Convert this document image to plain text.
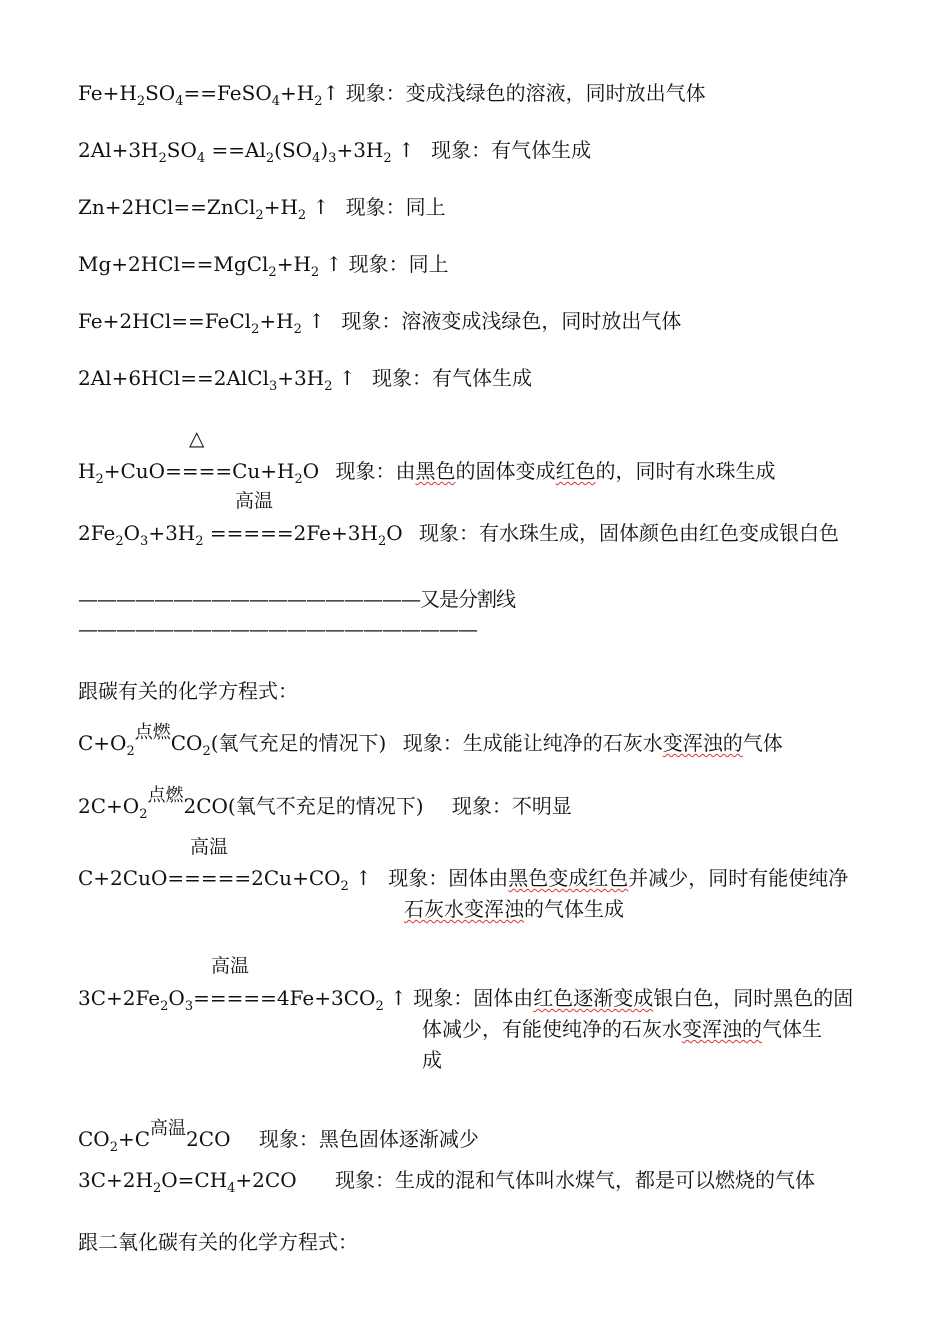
$Fe+H_2SO_4==FeSO_4+H_2↑$ 现象：变成浅绿色的溶液，同时放出气体
$2Al+3H_2SO_4 ==Al_2(SO_4)_3+3H_2$ ↑ 现象：有气体生成
$Zn+2HCl==ZnCl_2+H_2$ ↑ 现象：同上
$Mg+2HCl==MgCl_2+H_2$ ↑ 现象：同上
$Fe+2HCl==FeCl_2+H_2$ ↑ 现象：溶液变成浅绿色，同时放出气体
$2Al+6HCl==2AlCl_3+3H_2$ ↑ 现象：有气体生成
△
$H_2+CuO====Cu+H_2O$ 现象：由黑色的固体变成红色的，同时有水珠生成
高温
$2Fe_2O_3+3H_2 =====2Fe+3H_2O$ 现象：有水珠生成，固体颜色由红色变成银白色
——————————————————又是分割线—————————————————————
跟碳有关的化学方程式：
$C+O_2$点燃$CO_2$(氧气充足的情况下) 现象：生成能让纯净的石灰水变浑浊的气体
$2C+O_2$点燃2CO(氧气不充足的情况下) 现象：不明显
高温
$C+2CuO=====2Cu+CO_2$ ↑ 现象：固体由黑色变成红色并减少，同时有能使纯净
石灰水变浑浊的气体生成
高温
$3C+2Fe_2O_3=====4Fe+3CO_2$ ↑ 现象：固体由红色逐渐变成银白色，同时黑色的固
体减少，有能使纯净的石灰水变浑浊的气体生
成
$CO_2+C$高温2CO 现象：黑色固体逐渐减少
$3C+2H_2O=CH_4+2CO$ 现象：生成的混和气体叫水煤气，都是可以燃烧的气体
跟二氧化碳有关的化学方程式：
